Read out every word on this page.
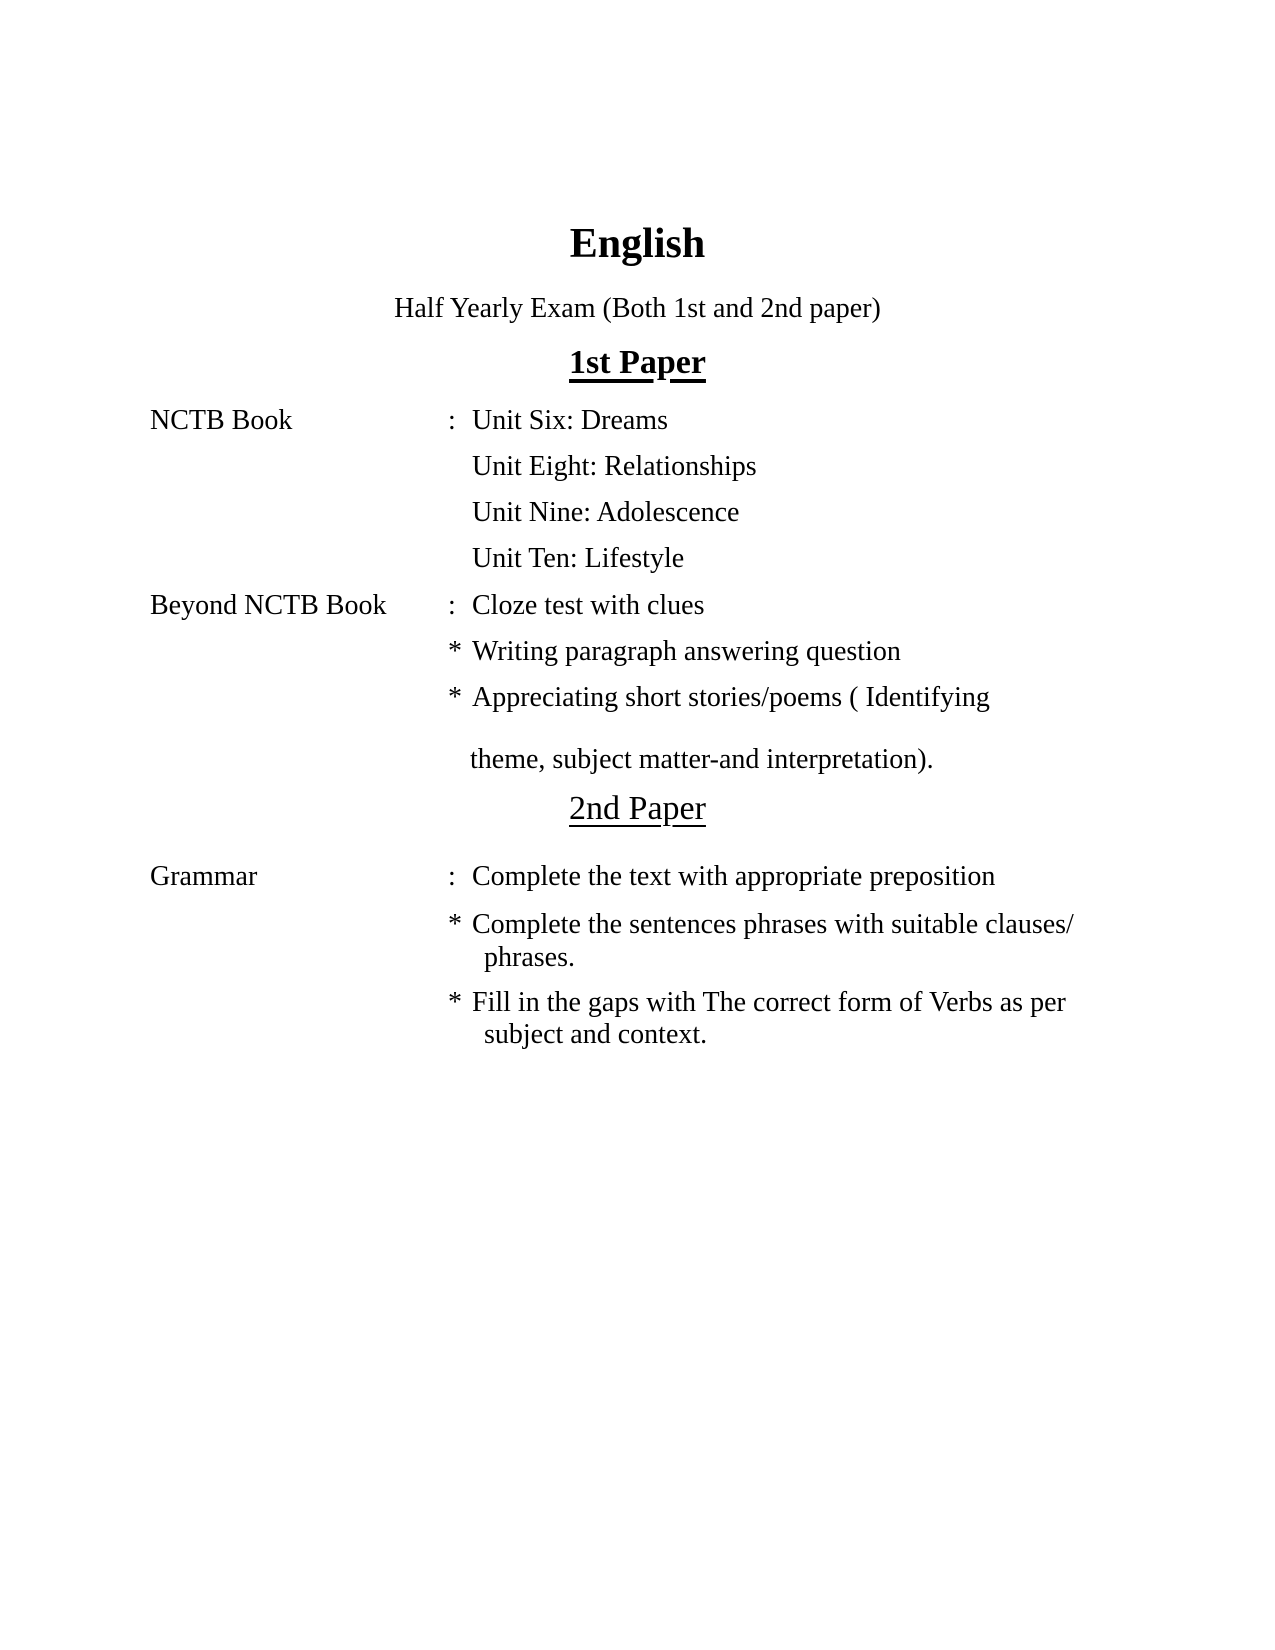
English
Half Yearly Exam (Both 1st and 2nd paper)
1st Paper
NCTB Book	: Unit Six: Dreams
Unit Eight: Relationships
Unit Nine: Adolescence
Unit Ten: Lifestyle
Beyond NCTB Book : Cloze test with clues
* Writing paragraph answering question
* Appreciating short stories/poems ( Identifying
theme, subject matter-and interpretation).
2nd Paper
Grammar	: Complete the text with appropriate preposition
* Complete the sentences phrases with suitable clauses/
phrases.
* Fill in the gaps with The correct form of Verbs as per
subject and context.
